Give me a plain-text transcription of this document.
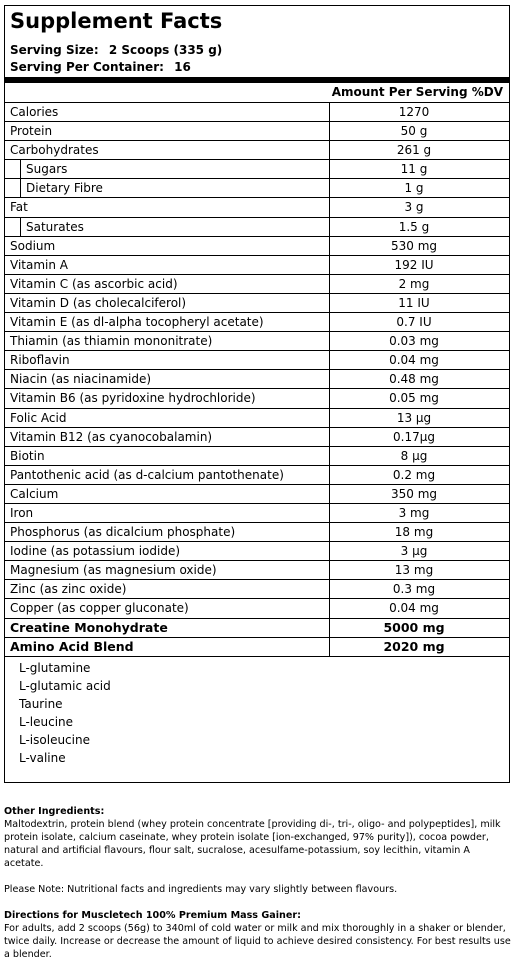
Supplement Facts
Serving Size: 2 Scoops (335 g)
Serving Per Container: 16
Amount Per Serving %DV
Calories	1270
Protein	50 g
Carbohydrates	261 g
Sugars	11 g
Dietary Fibre	1 g
Fat	3 g
Saturates	1.5 g
Sodium	530 mg
Vitamin A	192 IU
Vitamin C (as ascorbic acid)	2 mg
Vitamin D (as cholecalciferol)	11 IU
Vitamin E (as dl-alpha tocopheryl acetate)	0.7 IU
Thiamin (as thiamin mononitrate)	0.03 mg
Riboflavin	0.04 mg
Niacin (as niacinamide)	0.48 mg
Vitamin B6 (as pyridoxine hydrochloride)	0.05 mg
Folic Acid	13 μg
Vitamin B12 (as cyanocobalamin)	0.17μg
Biotin	8 μg
Pantothenic acid (as d-calcium pantothenate)	0.2 mg
Calcium	350 mg
Iron	3 mg
Phosphorus (as dicalcium phosphate)	18 mg
Iodine (as potassium iodide)	3 μg
Magnesium (as magnesium oxide)	13 mg
Zinc (as zinc oxide)	0.3 mg
Copper (as copper gluconate)	0.04 mg
Creatine Monohydrate	5000 mg
Amino Acid Blend	2020 mg
L-glutamine
L-glutamic acid
Taurine
L-leucine
L-isoleucine
L-valine

Other Ingredients:

Maltodextrin, protein blend (whey protein concentrate [providing di-, tri-, oligo- and polypeptides], milk protein isolate, calcium caseinate, whey protein isolate [ion-exchanged, 97% purity]), cocoa powder, natural and artificial flavours, flour salt, sucralose, acesulfame-potassium, soy lecithin, vitamin A acetate.

Please Note: Nutritional facts and ingredients may vary slightly between flavours.

Directions for Muscletech 100% Premium Mass Gainer:

For adults, add 2 scoops (56g) to 340ml of cold water or milk and mix thoroughly in a shaker or blender, twice daily. Increase or decrease the amount of liquid to achieve desired consistency. For best results use a blender.
